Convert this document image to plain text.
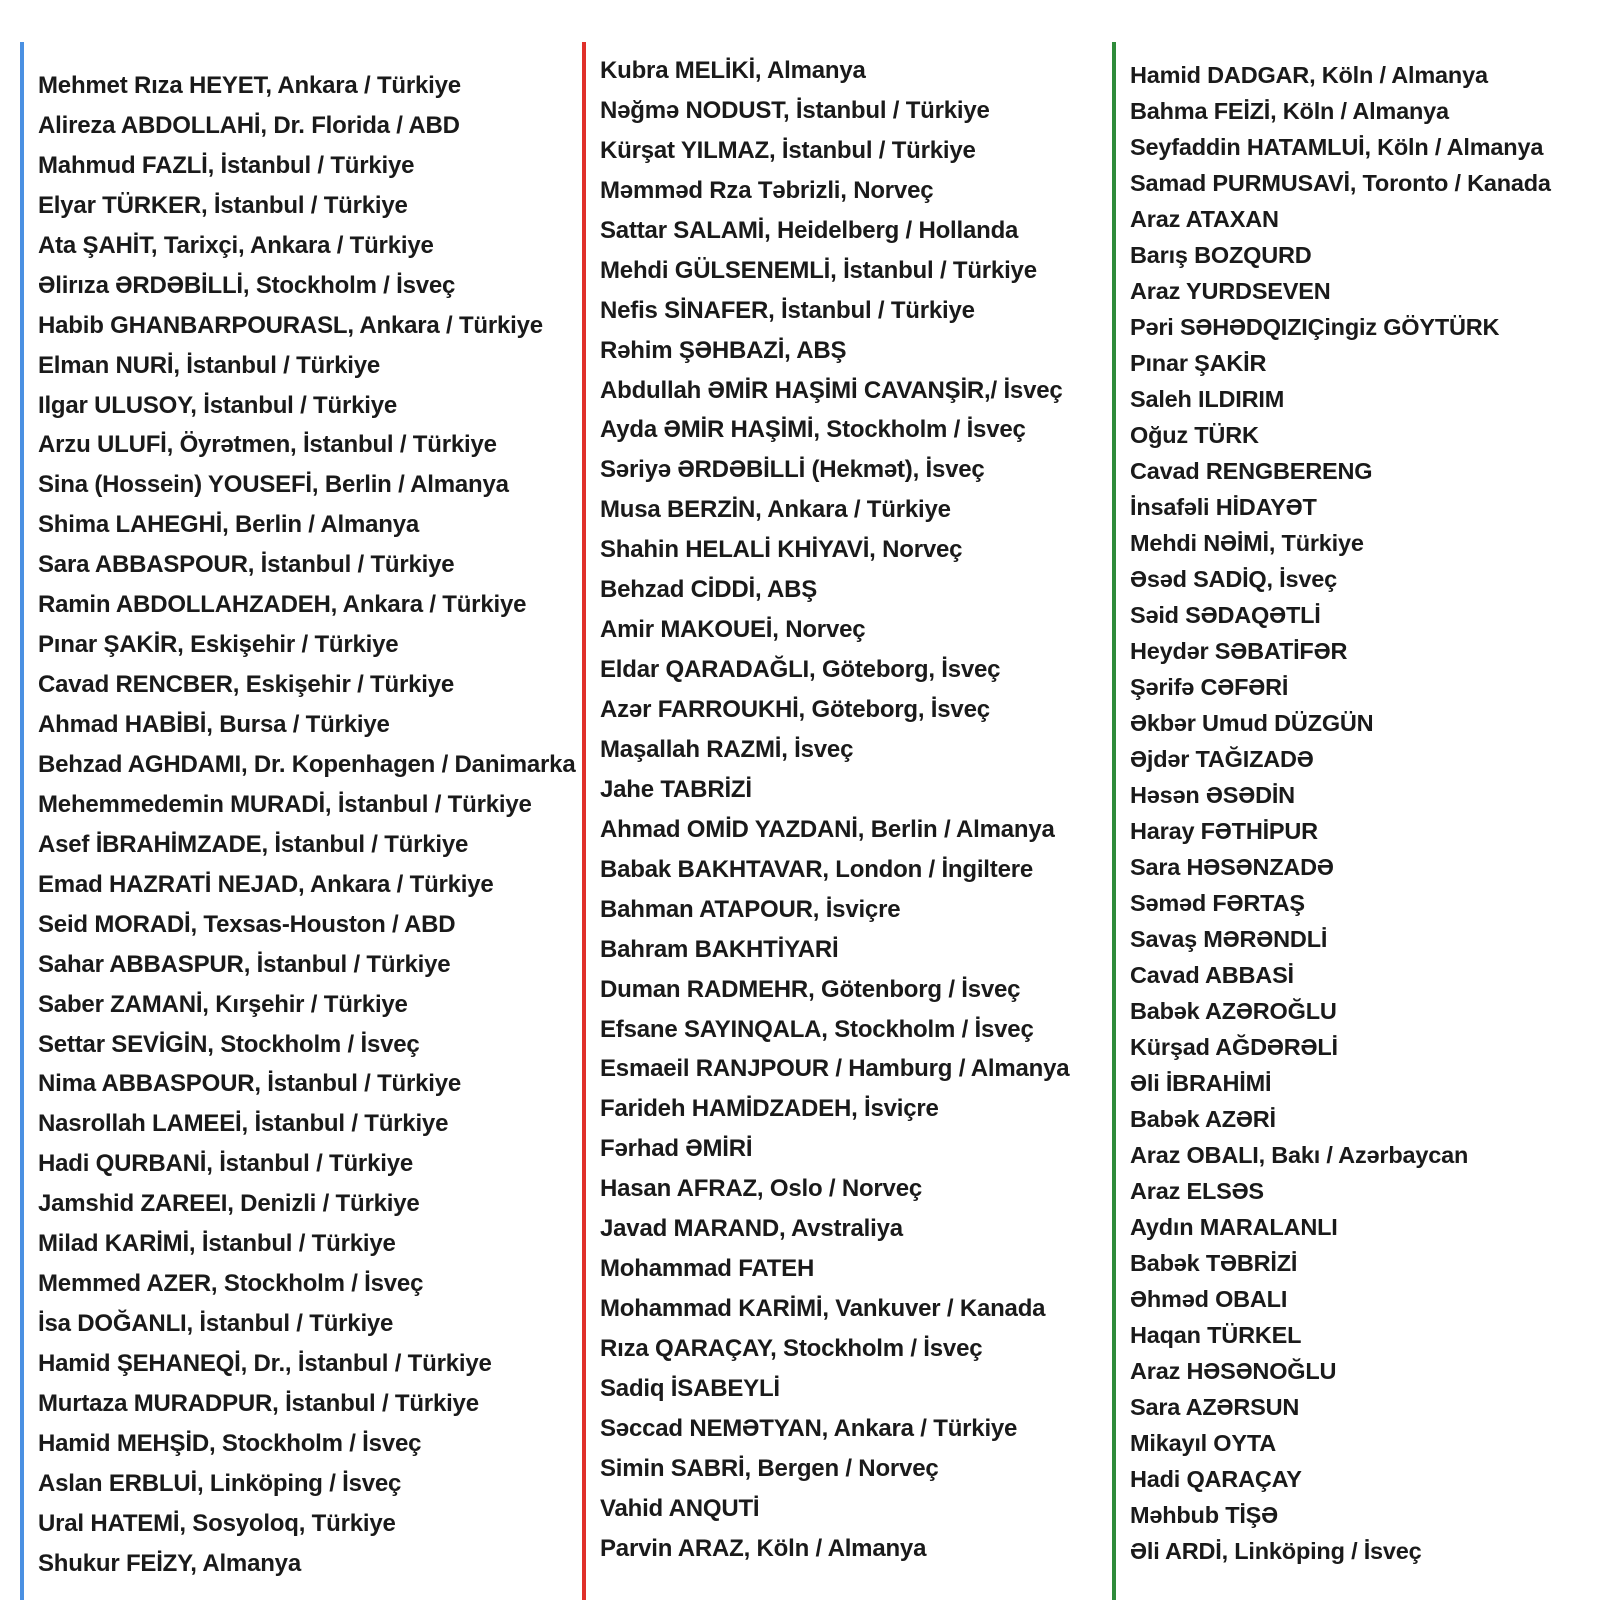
Mehmet Rıza HEYET, Ankara / Türkiye
Alireza ABDOLLAHİ, Dr. Florida / ABD
Mahmud FAZLİ, İstanbul / Türkiye
Elyar TÜRKER, İstanbul / Türkiye
Ata ŞAHİT, Tarixçi, Ankara / Türkiye
Əlirıza ƏRDƏBİLLİ, Stockholm / İsveç
Habib GHANBARPOURASL, Ankara / Türkiye
Elman NURİ, İstanbul / Türkiye
Ilgar ULUSOY, İstanbul / Türkiye
Arzu ULUFİ, Öyrətmen, İstanbul / Türkiye
Sina (Hossein) YOUSEFİ, Berlin / Almanya
Shima LAHEGHİ, Berlin / Almanya
Sara ABBASPOUR, İstanbul / Türkiye
Ramin ABDOLLAHZADEH, Ankara / Türkiye
Pınar ŞAKİR, Eskişehir / Türkiye
Cavad RENCBER, Eskişehir / Türkiye
Ahmad HABİBİ, Bursa / Türkiye
Behzad AGHDAMI, Dr. Kopenhagen / Danimarka
Mehemmedemin MURADİ, İstanbul / Türkiye
Asef İBRAHİMZADE, İstanbul / Türkiye
Emad HAZRATİ NEJAD, Ankara / Türkiye
Seid MORADİ, Texsas-Houston / ABD
Sahar ABBASPUR, İstanbul / Türkiye
Saber ZAMANİ, Kırşehir / Türkiye
Settar SEVİGİN, Stockholm / İsveç
Nima ABBASPOUR, İstanbul / Türkiye
Nasrollah LAMEEİ, İstanbul / Türkiye
Hadi QURBANİ, İstanbul / Türkiye
Jamshid ZAREEI, Denizli / Türkiye
Milad KARİMİ, İstanbul / Türkiye
Memmed AZER, Stockholm / İsveç
İsa DOĞANLI, İstanbul / Türkiye
Hamid ŞEHANEQİ, Dr., İstanbul / Türkiye
Murtaza MURADPUR, İstanbul / Türkiye
Hamid MEHŞİD, Stockholm / İsveç
Aslan ERBLUİ, Linköping / İsveç
Ural HATEMİ, Sosyoloq, Türkiye
Shukur FEİZY, Almanya
Kubra MELİKİ, Almanya
Nəğmə NODUST, İstanbul / Türkiye
Kürşat YILMAZ, İstanbul / Türkiye
Məmməd Rza Təbrizli, Norveç
Sattar SALAMİ, Heidelberg / Hollanda
Mehdi GÜLSENEMLİ, İstanbul / Türkiye
Nefis SİNAFER, İstanbul / Türkiye
Rəhim ŞƏHBAZİ, ABŞ
Abdullah ƏMİR HAŞİMİ CAVANŞİR,/ İsveç
Ayda ƏMİR HAŞİMİ, Stockholm / İsveç
Səriyə ƏRDƏBİLLİ (Hekmət), İsveç
Musa BERZİN, Ankara / Türkiye
Shahin HELALİ KHİYAVİ, Norveç
Behzad CİDDİ, ABŞ
Amir MAKOUEİ, Norveç
Eldar QARADAĞLI, Göteborg, İsveç
Azər FARROUKHİ, Göteborg, İsveç
Maşallah RAZMİ, İsveç
Jahe TABRİZİ
Ahmad OMİD YAZDANİ, Berlin / Almanya
Babak BAKHTAVAR, London / İngiltere
Bahman ATAPOUR, İsviçre
Bahram BAKHTİYARİ
Duman RADMEHR, Götenborg / İsveç
Efsane SAYINQALA, Stockholm / İsveç
Esmaeil RANJPOUR / Hamburg / Almanya
Farideh HAMİDZADEH, İsviçre
Fərhad ƏMİRİ
Hasan AFRAZ, Oslo / Norveç
Javad MARAND, Avstraliya
Mohammad FATEH
Mohammad KARİMİ, Vankuver / Kanada
Rıza QARAÇAY, Stockholm / İsveç
Sadiq İSABEYLİ
Səccad NEMƏTYAN, Ankara / Türkiye
Simin SABRİ, Bergen / Norveç
Vahid ANQUTİ
Parvin ARAZ, Köln / Almanya
Hamid DADGAR, Köln / Almanya
Bahma FEİZİ, Köln / Almanya
Seyfaddin HATAMLUİ, Köln / Almanya
Samad PURMUSAVİ, Toronto / Kanada
Araz ATAXAN
Barış BOZQURD
Araz YURDSEVEN
Pəri SƏHƏDQIZIÇingiz GÖYTÜRK
Pınar ŞAKİR
Saleh ILDIRIM
Oğuz TÜRK
Cavad RENGBERENG
İnsafəli HİDAYƏT
Mehdi NƏİMİ, Türkiye
Əsəd SADİQ, İsveç
Səid SƏDAQƏTLİ
Heydər SƏBATİFƏR
Şərifə CƏFƏRİ
Əkbər Umud DÜZGÜN
Əjdər TAĞIZADƏ
Həsən ƏSƏDİN
Haray FƏTHİPUR
Sara HƏSƏNZADƏ
Səməd FƏRTAŞ
Savaş MƏRƏNDLİ
Cavad ABBASİ
Babək AZƏROĞLU
Kürşad AĞDƏRƏLİ
Əli İBRAHİMİ
Babək AZƏRİ
Araz OBALI, Bakı / Azərbaycan
Araz ELSƏS
Aydın MARALANLI
Babək TƏBRİZİ
Əhməd OBALI
Haqan TÜRKEL
Araz HƏSƏNOĞLU
Sara AZƏRSUN
Mikayıl OYTA
Hadi QARAÇAY
Məhbub TİŞƏ
Əli ARDİ, Linköping / İsveç
